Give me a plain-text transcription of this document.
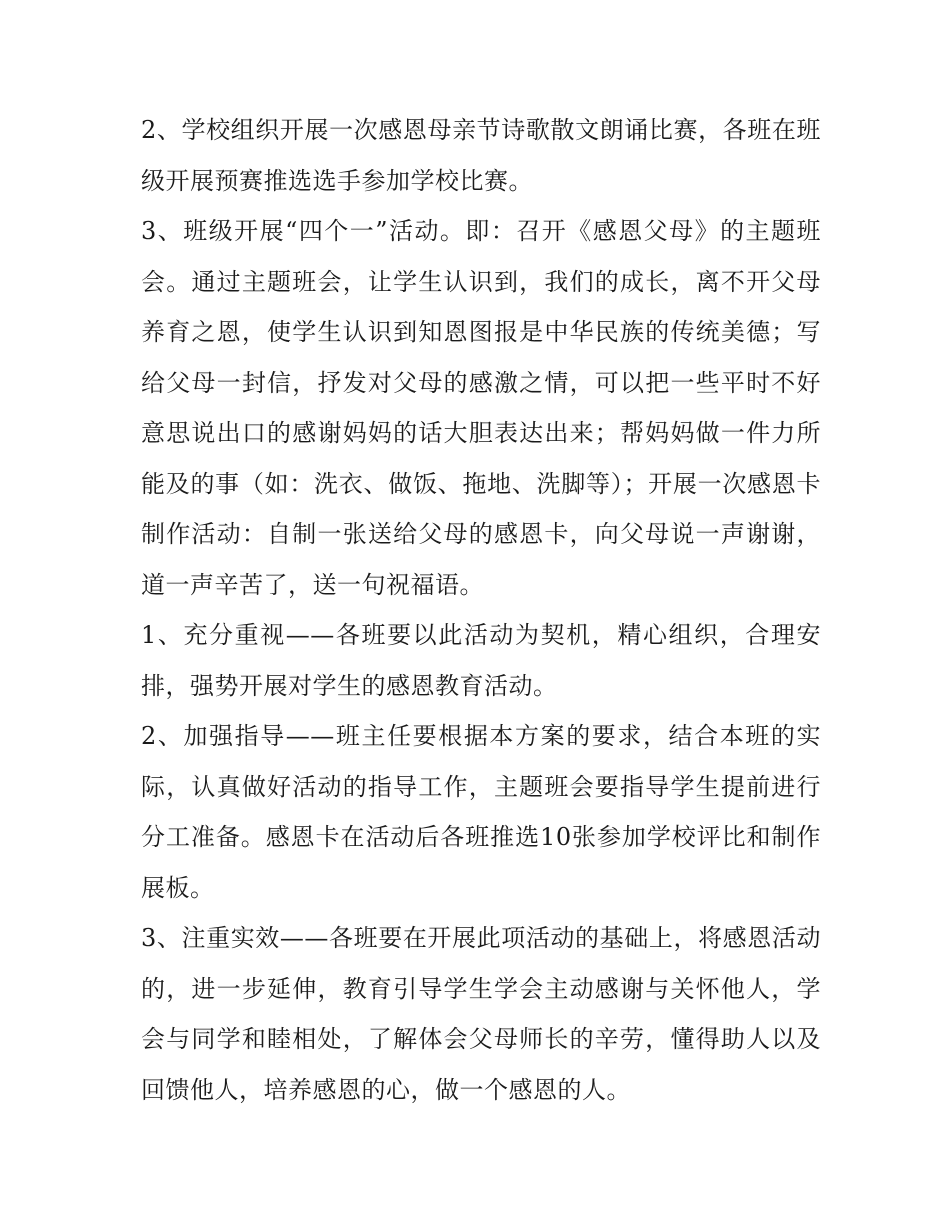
2、学校组织开展一次感恩母亲节诗歌散文朗诵比赛，各班在班级开展预赛推选选手参加学校比赛。

3、班级开展“四个一”活动。即：召开《感恩父母》的主题班会。通过主题班会，让学生认识到，我们的成长，离不开父母养育之恩，使学生认识到知恩图报是中华民族的传统美德；写给父母一封信，抒发对父母的感激之情，可以把一些平时不好意思说出口的感谢妈妈的话大胆表达出来；帮妈妈做一件力所能及的事（如：洗衣、做饭、拖地、洗脚等）；开展一次感恩卡制作活动：自制一张送给父母的感恩卡，向父母说一声谢谢，道一声辛苦了，送一句祝福语。

1、充分重视——各班要以此活动为契机，精心组织，合理安排，强势开展对学生的感恩教育活动。

2、加强指导——班主任要根据本方案的要求，结合本班的实际，认真做好活动的指导工作，主题班会要指导学生提前进行分工准备。感恩卡在活动后各班推选10张参加学校评比和制作展板。

3、注重实效——各班要在开展此项活动的基础上，将感恩活动的，进一步延伸，教育引导学生学会主动感谢与关怀他人，学会与同学和睦相处，了解体会父母师长的辛劳，懂得助人以及回馈他人，培养感恩的心，做一个感恩的人。
